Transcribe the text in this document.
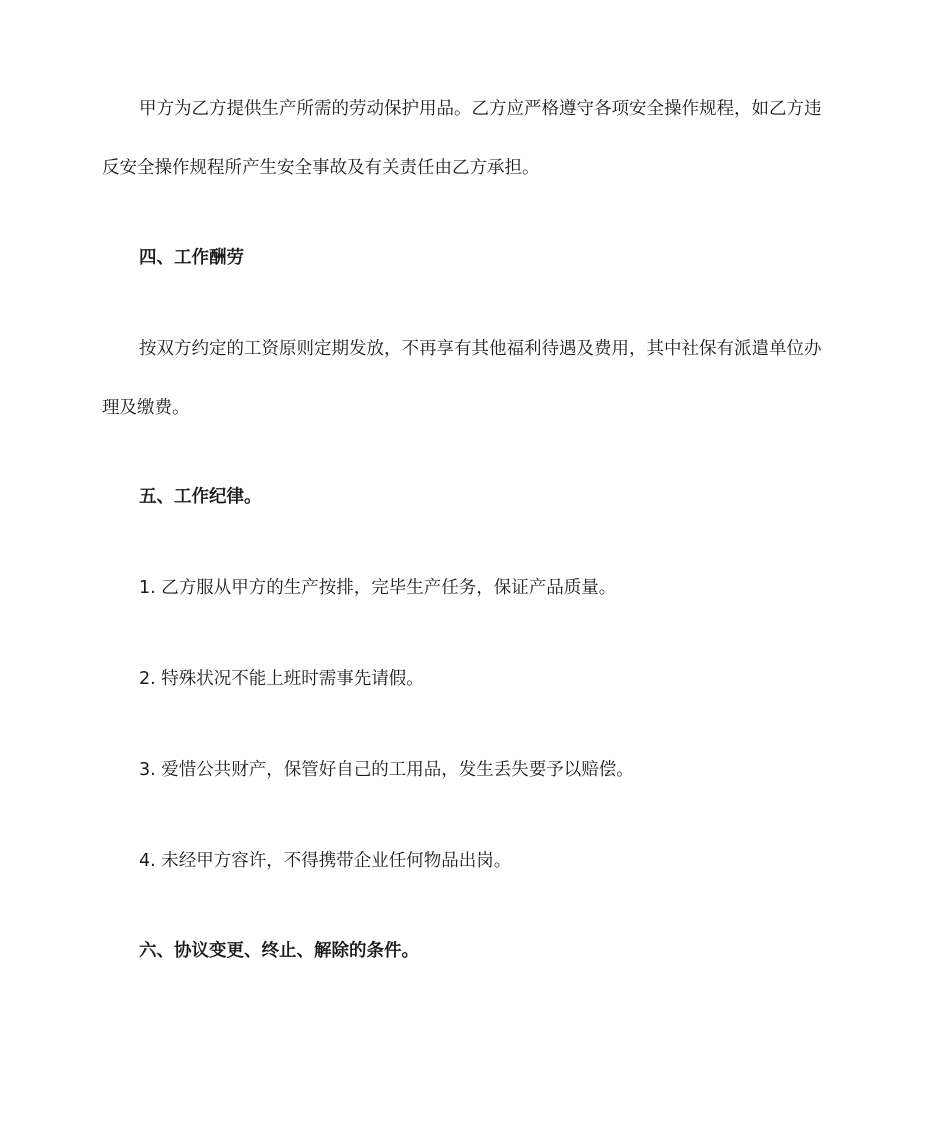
甲方为乙方提供生产所需的劳动保护用品。乙方应严格遵守各项安全操作规程，如乙方违

反安全操作规程所产生安全事故及有关责任由乙方承担。

四、工作酬劳

按双方约定的工资原则定期发放，不再享有其他福利待遇及费用，其中社保有派遣单位办

理及缴费。

五、工作纪律。

1. 乙方服从甲方的生产按排，完毕生产任务，保证产品质量。

2. 特殊状况不能上班时需事先请假。

3. 爱惜公共财产，保管好自己的工用品，发生丢失要予以赔偿。

4. 未经甲方容许，不得携带企业任何物品出岗。

六、协议变更、终止、解除的条件。
